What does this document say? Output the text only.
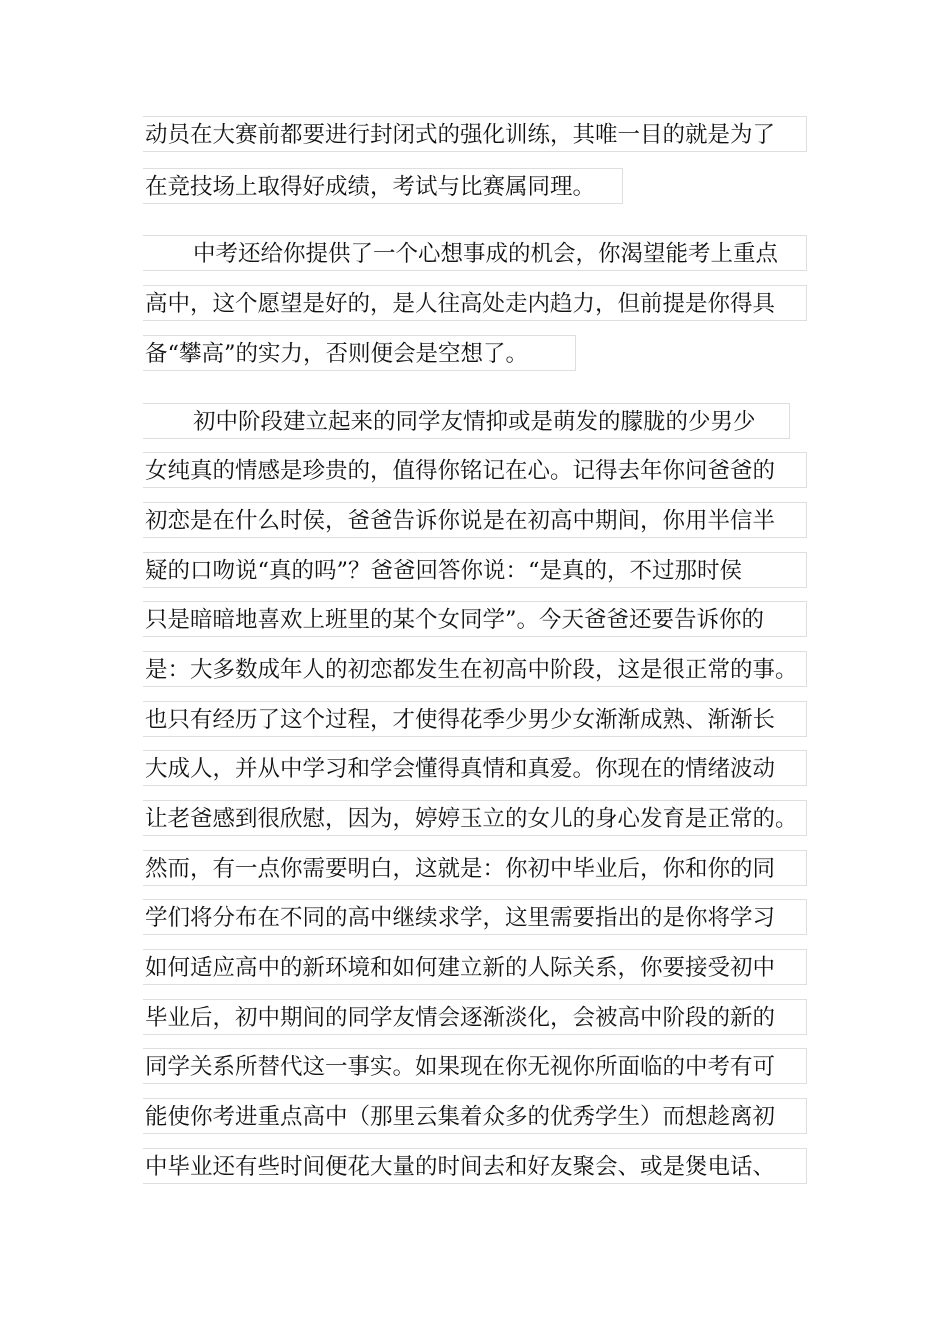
动员在大赛前都要进行封闭式的强化训练，其唯一目的就是为了
在竞技场上取得好成绩，考试与比赛属同理。
中考还给你提供了一个心想事成的机会，你渴望能考上重点
高中，这个愿望是好的，是人往高处走内趋力，但前提是你得具
备“攀高”的实力，否则便会是空想了。
初中阶段建立起来的同学友情抑或是萌发的朦胧的少男少
女纯真的情感是珍贵的，值得你铭记在心。记得去年你问爸爸的
初恋是在什么时侯，爸爸告诉你说是在初高中期间，你用半信半
疑的口吻说“真的吗”？爸爸回答你说：“是真的，不过那时侯
只是暗暗地喜欢上班里的某个女同学”。今天爸爸还要告诉你的
是：大多数成年人的初恋都发生在初高中阶段，这是很正常的事。
也只有经历了这个过程，才使得花季少男少女渐渐成熟、渐渐长
大成人，并从中学习和学会懂得真情和真爱。你现在的情绪波动
让老爸感到很欣慰，因为，婷婷玉立的女儿的身心发育是正常的。
然而，有一点你需要明白，这就是：你初中毕业后，你和你的同
学们将分布在不同的高中继续求学，这里需要指出的是你将学习
如何适应高中的新环境和如何建立新的人际关系，你要接受初中
毕业后，初中期间的同学友情会逐渐淡化，会被高中阶段的新的
同学关系所替代这一事实。如果现在你无视你所面临的中考有可
能使你考进重点高中（那里云集着众多的优秀学生）而想趁离初
中毕业还有些时间便花大量的时间去和好友聚会、或是煲电话、
